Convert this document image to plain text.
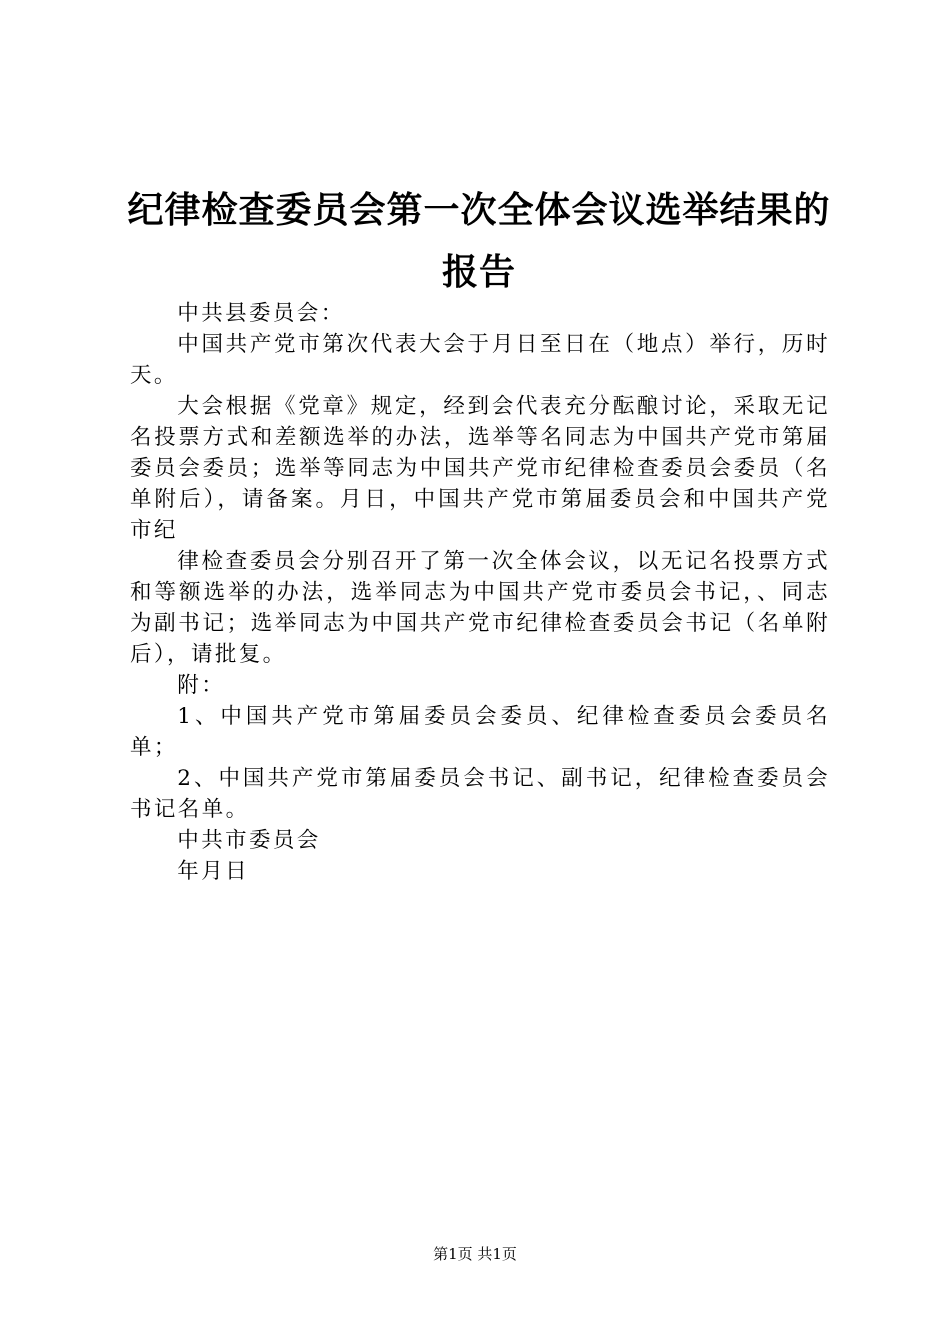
纪律检查委员会第一次全体会议选举结果的报告

中共县委员会：

中国共产党市第次代表大会于月日至日在（地点）举行，历时天。

大会根据《党章》规定，经到会代表充分酝酿讨论，采取无记名投票方式和差额选举的办法，选举等名同志为中国共产党市第届委员会委员；选举等同志为中国共产党市纪律检查委员会委员（名单附后），请备案。月日，中国共产党市第届委员会和中国共产党市纪

律检查委员会分别召开了第一次全体会议，以无记名投票方式和等额选举的办法，选举同志为中国共产党市委员会书记，、同志为副书记；选举同志为中国共产党市纪律检查委员会书记（名单附后），请批复。

附：

1、中国共产党市第届委员会委员、纪律检查委员会委员名单；

2、中国共产党市第届委员会书记、副书记，纪律检查委员会书记名单。

中共市委员会

年月日

第1页 共1页
